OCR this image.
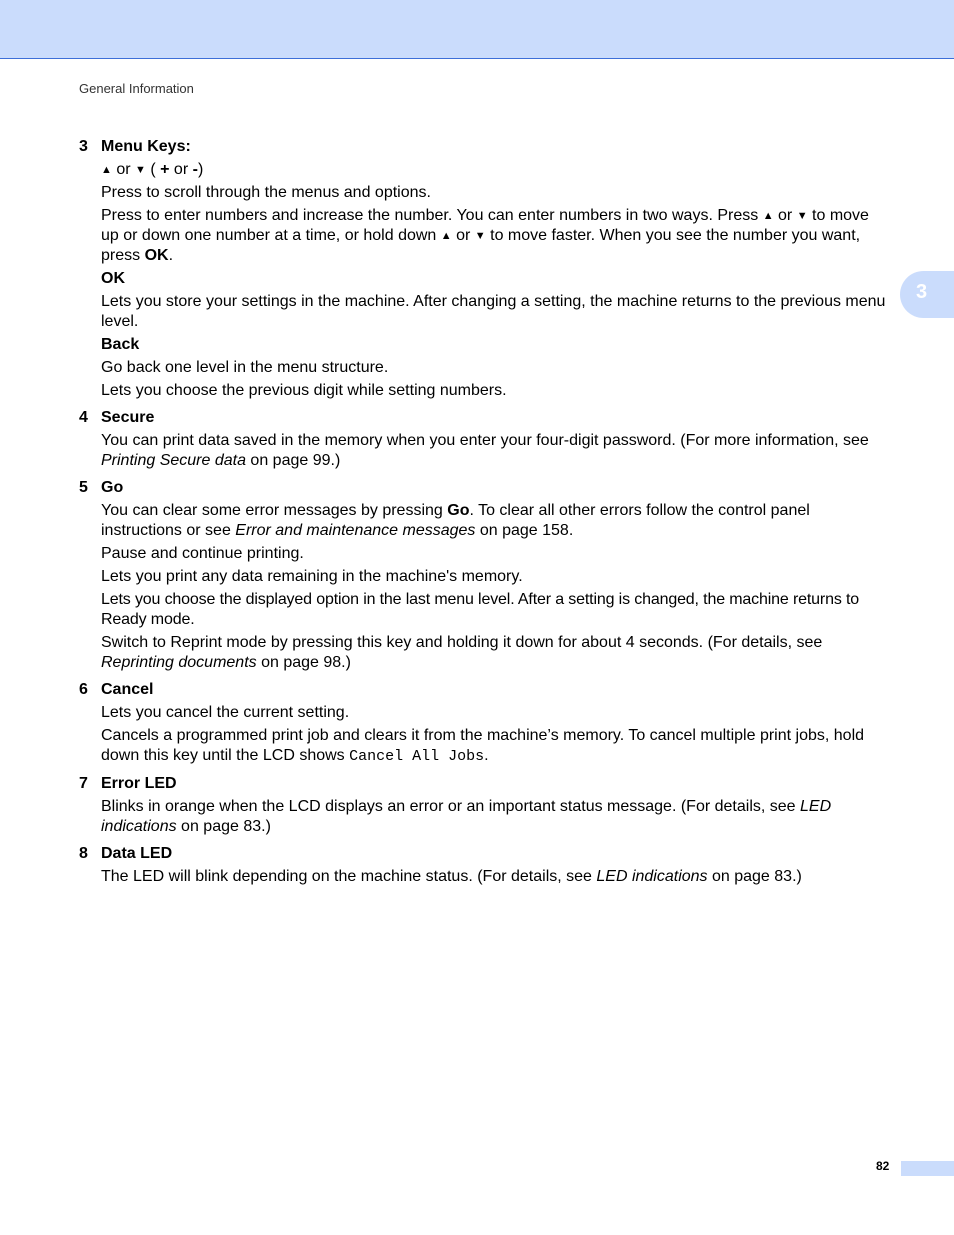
General Information
3
3 Menu Keys:

▲ or ▼ ( + or -)

Press to scroll through the menus and options.

Press to enter numbers and increase the number. You can enter numbers in two ways. Press ▲ or ▼ to move up or down one number at a time, or hold down ▲ or ▼ to move faster. When you see the number you want, press OK.

OK

Lets you store your settings in the machine. After changing a setting, the machine returns to the previous menu level.

Back

Go back one level in the menu structure.

Lets you choose the previous digit while setting numbers.

4 Secure

You can print data saved in the memory when you enter your four-digit password. (For more information, see Printing Secure data on page 99.)

5 Go

You can clear some error messages by pressing Go. To clear all other errors follow the control panel instructions or see Error and maintenance messages on page 158.

Pause and continue printing.

Lets you print any data remaining in the machine's memory.

Lets you choose the displayed option in the last menu level. After a setting is changed, the machine returns to Ready mode.

Switch to Reprint mode by pressing this key and holding it down for about 4 seconds. (For details, see Reprinting documents on page 98.)

6 Cancel

Lets you cancel the current setting.

Cancels a programmed print job and clears it from the machine’s memory. To cancel multiple print jobs, hold down this key until the LCD shows Cancel All Jobs.

7 Error LED

Blinks in orange when the LCD displays an error or an important status message. (For details, see LED indications on page 83.)

8 Data LED

The LED will blink depending on the machine status. (For details, see LED indications on page 83.)

82
